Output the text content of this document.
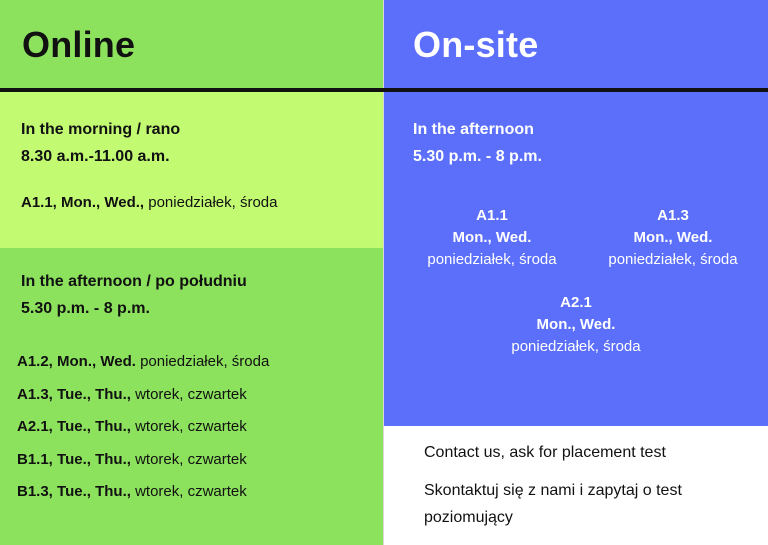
Online	On-site
In the morning / rano
8.30 a.m.-11.00 a.m.
A1.1, Mon., Wed., poniedziałek, środa
In the afternoon / po południu
5.30 p.m. - 8 p.m.
A1.2, Mon., Wed. poniedziałek, środa
A1.3, Tue., Thu., wtorek, czwartek
A2.1, Tue., Thu., wtorek, czwartek
B1.1, Tue., Thu., wtorek, czwartek
B1.3, Tue., Thu., wtorek, czwartek
In the afternoon
5.30 p.m. - 8 p.m.
A1.1
Mon., Wed.
poniedziałek, środa
A1.3
Mon., Wed.
poniedziałek, środa
A2.1
Mon., Wed.
poniedziałek, środa
Contact us, ask for placement test
Skontaktuj się z nami i zapytaj o test poziomujący
